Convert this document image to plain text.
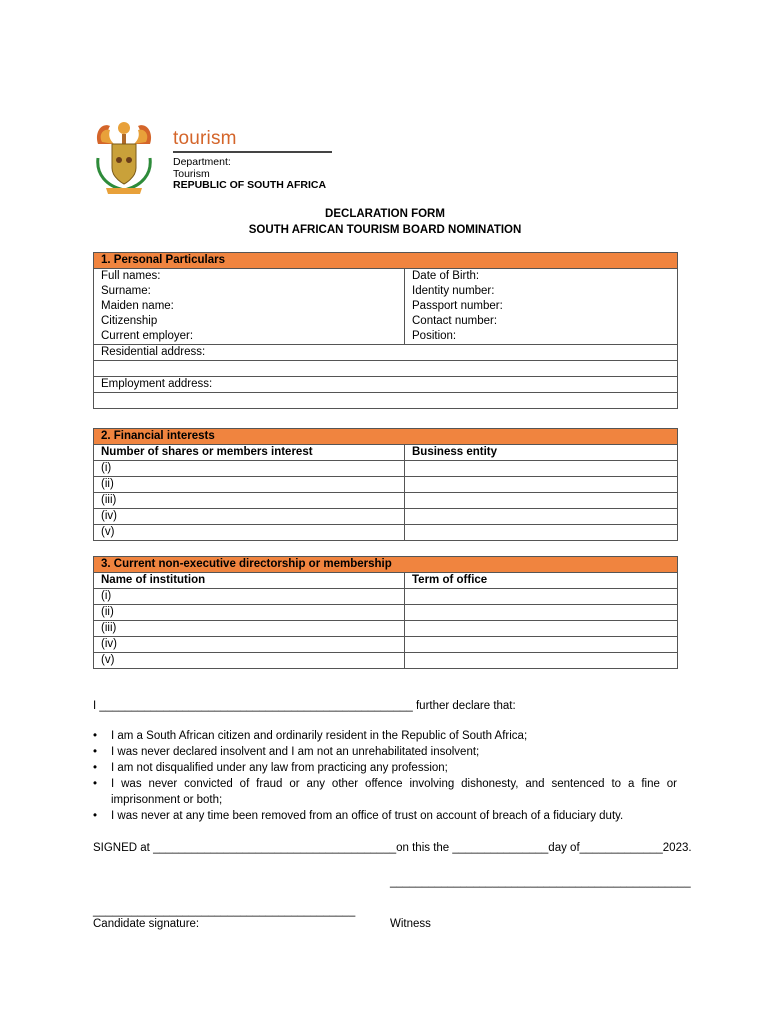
tourism
Department:
Tourism
REPUBLIC OF SOUTH AFRICA
DECLARATION FORM
SOUTH AFRICAN TOURISM BOARD NOMINATION
1. Personal Particulars	
Full names:	Date of Birth:
Surname:	Identity number:
Maiden name:	Passport number:
Citizenship	Contact number:
Current employer:	Position:
Residential address:	

Employment address:	

2. Financial interests	
Number of shares or members interest	Business entity
(i)	
(ii)	
(iii)	
(iv)	
(v)	
3. Current non-executive directorship or membership	
Name of institution	Term of office
(i)	
(ii)	
(iii)	
(iv)	
(v)	
I _________________________________________________ further declare that:
• I am a South African citizen and ordinarily resident in the Republic of South Africa;
• I was never declared insolvent and I am not an unrehabilitated insolvent;
• I am not disqualified under any law from practicing any profession;
• I was never convicted of fraud or any other offence involving dishonesty, and sentenced to a fine or imprisonment or both;
• I was never at any time been removed from an office of trust on account of breach of a fiduciary duty.
SIGNED at ______________________________________on this the _______________day of_____________2023.
_______________________________________________
_________________________________________
Candidate signature:	Witness
